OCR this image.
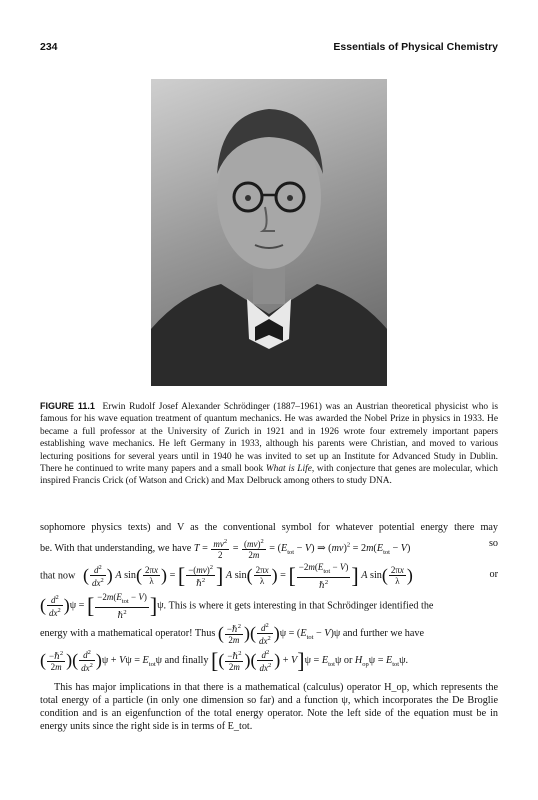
234	Essentials of Physical Chemistry
FIGURE 11.1 Erwin Rudolf Josef Alexander Schrödinger (1887–1961) was an Austrian theoretical physicist who is famous for his wave equation treatment of quantum mechanics. He was awarded the Nobel Prize in physics in 1933. He became a full professor at the University of Zurich in 1921 and in 1926 wrote four extremely important papers establishing wave mechanics. He left Germany in 1933, although his parents were Christian, and moved to various lecturing positions for several years until in 1940 he was invited to set up an Institute for Advanced Study in Dublin. There he continued to write many papers and a small book What is Life, with conjecture that genes are molecular, which inspired Francis Crick (of Watson and Crick) and Max Delbruck among others to study DNA.
sophomore physics texts) and V as the conventional symbol for whatever potential energy there may
be. With that understanding, we have $T = \frac{mv^2}{2} = \frac{(mv)^2}{2m} = (E_{tot} - V)$ ⇒ $(mv)^2 = 2m(E_{tot} - V)$	so
that now ( $\frac{d^2}{dx^2}$ ) A $\sin( \frac{2\pi x}{\lambda}$ ) = [ $\frac{-(mv)^2}{\hbar^2}$ ] A $\sin( \frac{2\pi x}{\lambda}$ ) = [ $\frac{-2m(E_{tot} - V)}{\hbar^2}$ ] A $\sin( \frac{2\pi x}{\lambda}$ )	or
( $\frac{d^2}{dx^2} )\psi$ = [ $\frac{-2m(E_{tot} - V)}{\hbar^2} ]\psi$. This is where it gets interesting in that Schrödinger identified the
energy with a mathematical operator! Thus ( $\frac{-\hbar^2}{2m}$ )( $\frac{d^2}{dx^2} )\psi = (E_{tot} - V)\psi$ and further we have
( $\frac{-\hbar^2}{2m}$ )( $\frac{d^2}{dx^2} )\psi + V\psi = E_{tot}\psi$ and finally [( $\frac{-\hbar^2}{2m}$ )( $\frac{d^2}{dx^2}$ ) + $V]\psi = E_{tot}\psi$ or $H_{op}\psi = E_{tot}\psi$.
This has major implications in that there is a mathematical (calculus) operator H_op, which represents the total energy of a particle (in only one dimension so far) and a function ψ, which incorporates the De Broglie condition and is an eigenfunction of the total energy operator. Note the left side of the equation must be in energy units since the right side is in terms of E_tot.
